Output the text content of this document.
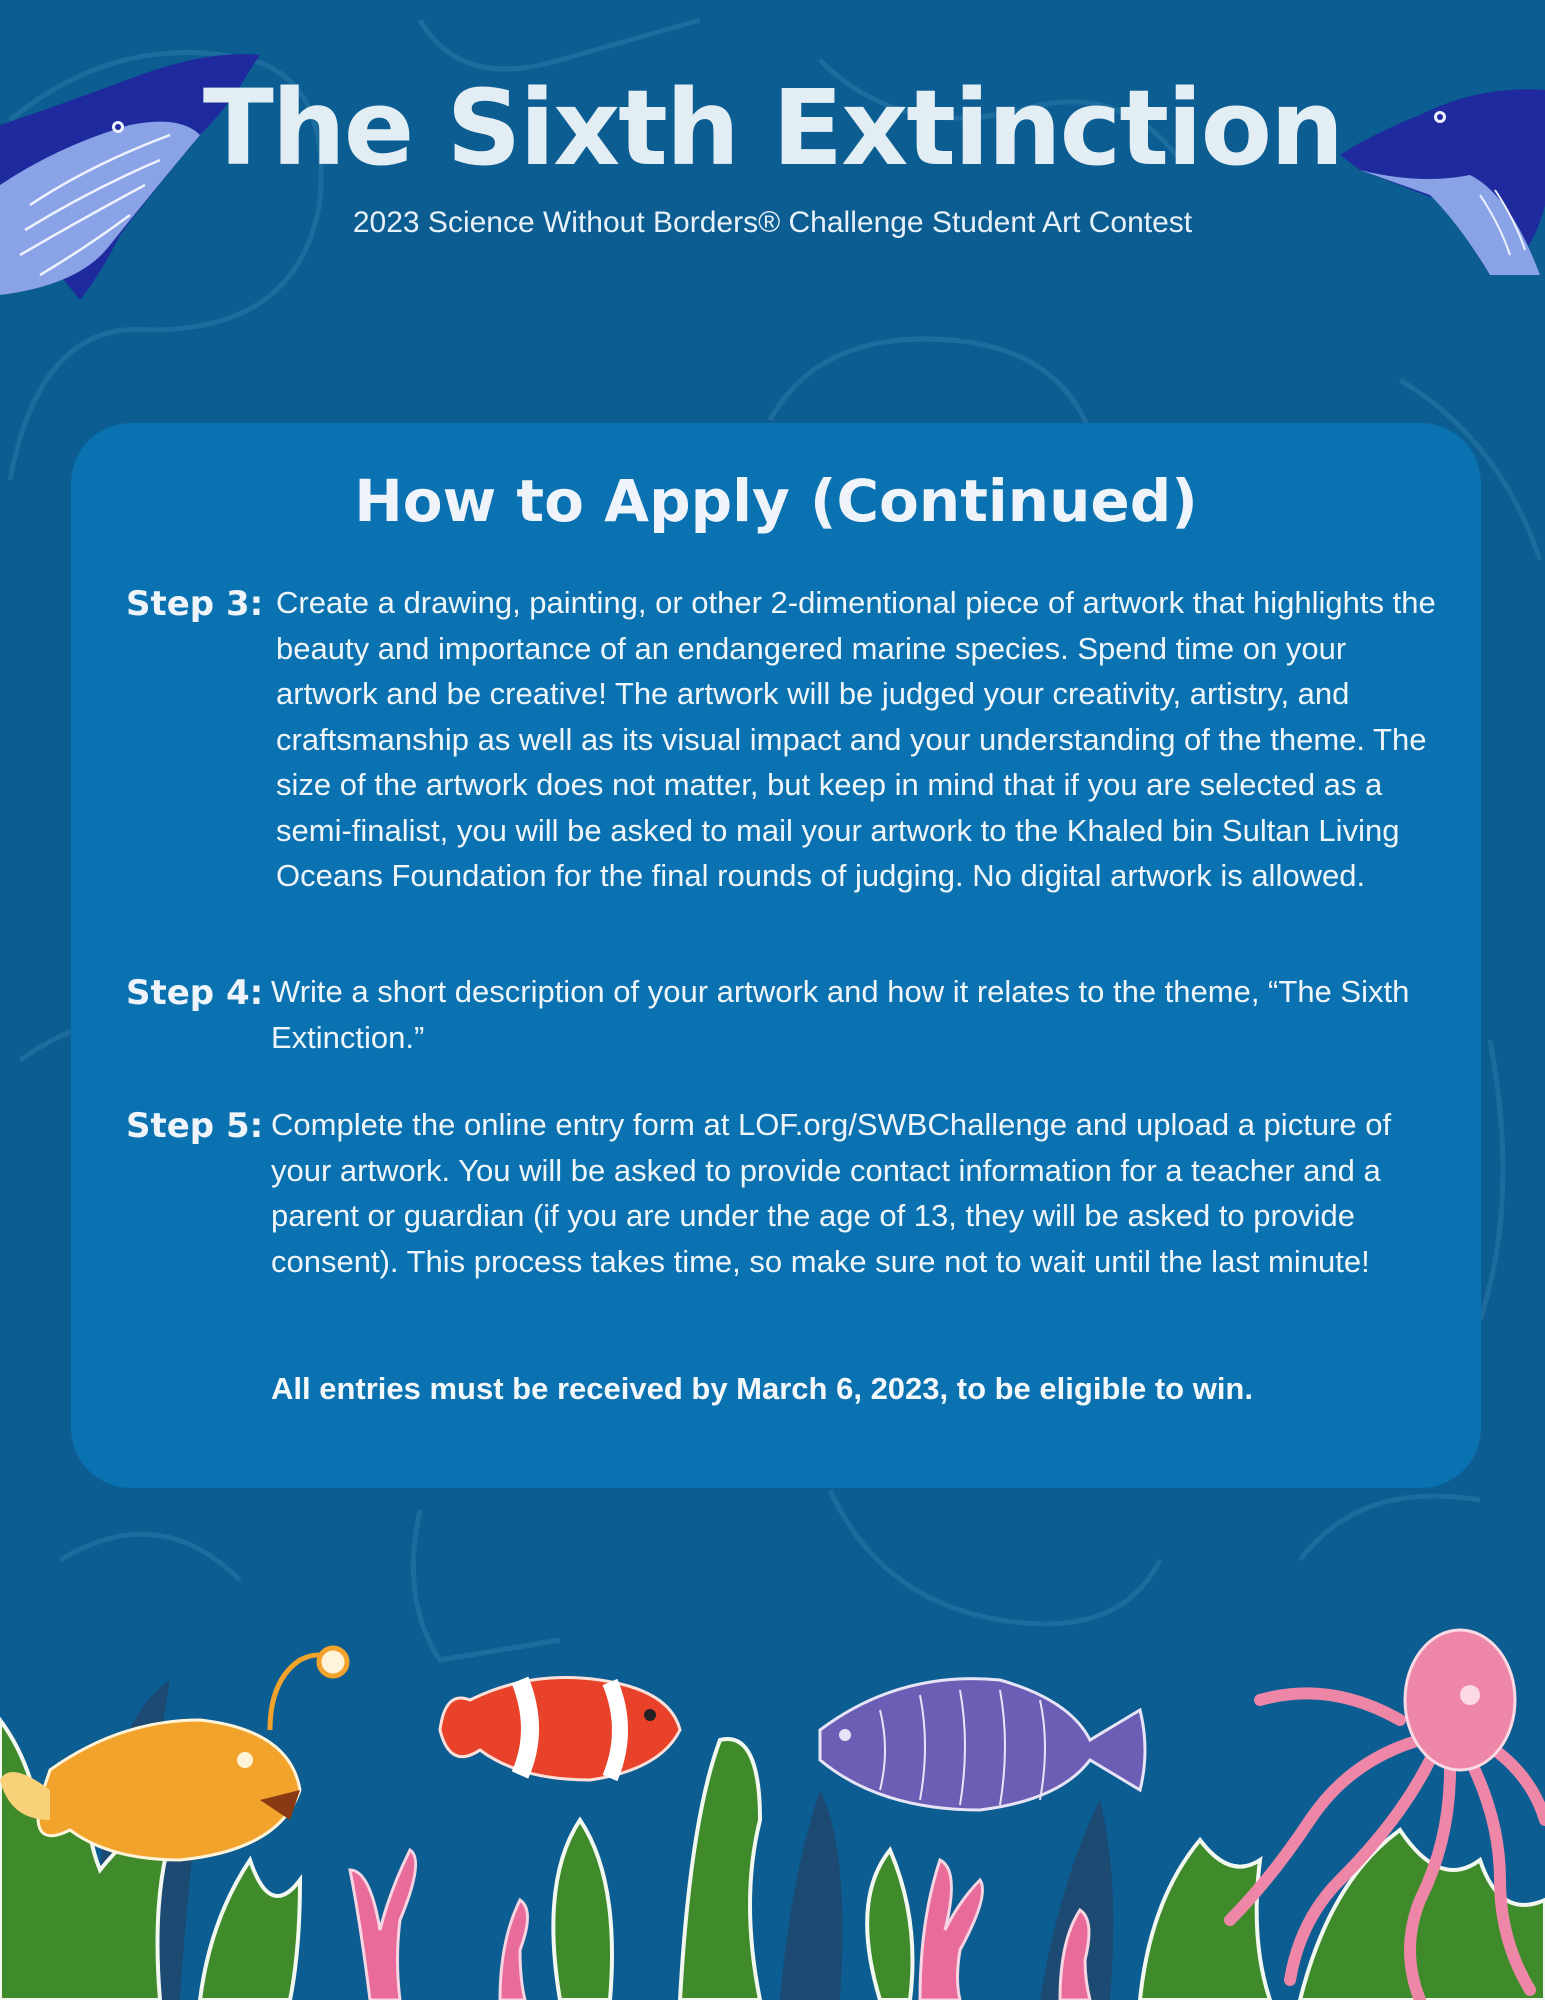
The Sixth Extinction
2023 Science Without Borders® Challenge Student Art Contest
How to Apply (Continued)
Step 3: Create a drawing, painting, or other 2-dimentional piece of artwork that highlights the beauty and importance of an endangered marine species. Spend time on your artwork and be creative! The artwork will be judged your creativity, artistry, and craftsmanship as well as its visual impact and your understanding of the theme. The size of the artwork does not matter, but keep in mind that if you are selected as a semi-finalist, you will be asked to mail your artwork to the Khaled bin Sultan Living Oceans Foundation for the final rounds of judging. No digital artwork is allowed.
Step 4: Write a short description of your artwork and how it relates to the theme, “The Sixth Extinction.”
Step 5: Complete the online entry form at LOF.org/SWBChallenge and upload a picture of your artwork. You will be asked to provide contact information for a teacher and a parent or guardian (if you are under the age of 13, they will be asked to provide consent). This process takes time, so make sure not to wait until the last minute!
All entries must be received by March 6, 2023, to be eligible to win.
